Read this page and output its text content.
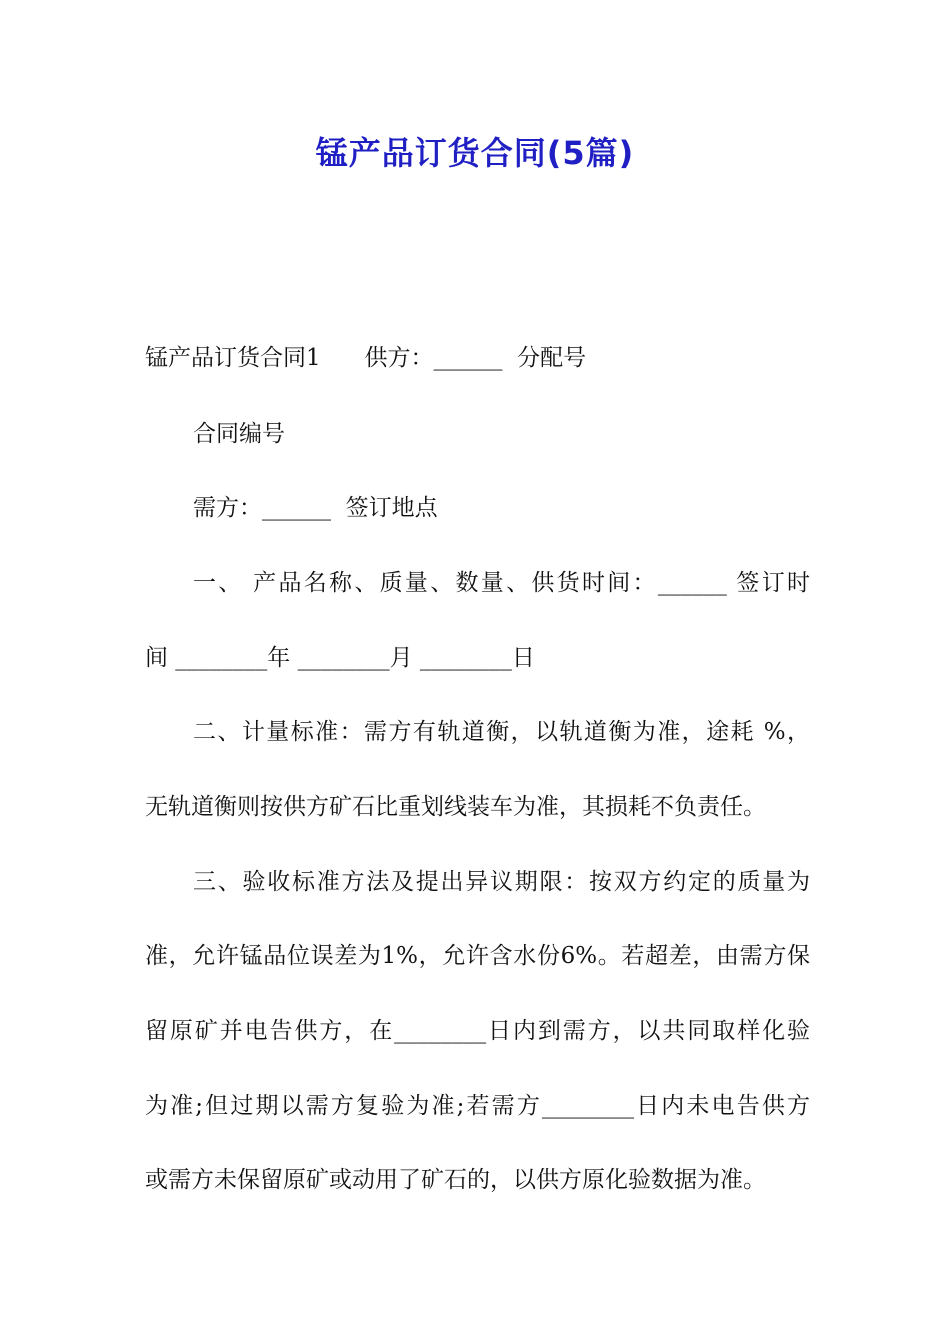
锰产品订货合同(5篇)

锰产品订货合同1      供方：______  分配号

合同编号

需方：______  签订地点

一、 产品名称、质量、数量、供货时间：______ 签订时

间 ________年 ________月 ________日

二、计量标准：需方有轨道衡，以轨道衡为准，途耗 %，

无轨道衡则按供方矿石比重划线装车为准，其损耗不负责任。

三、验收标准方法及提出异议期限：按双方约定的质量为

准，允许锰品位误差为1%，允许含水份6%。若超差，由需方保

留原矿并电告供方，在________日内到需方，以共同取样化验

为准;但过期以需方复验为准;若需方________日内未电告供方

或需方未保留原矿或动用了矿石的，以供方原化验数据为准。
